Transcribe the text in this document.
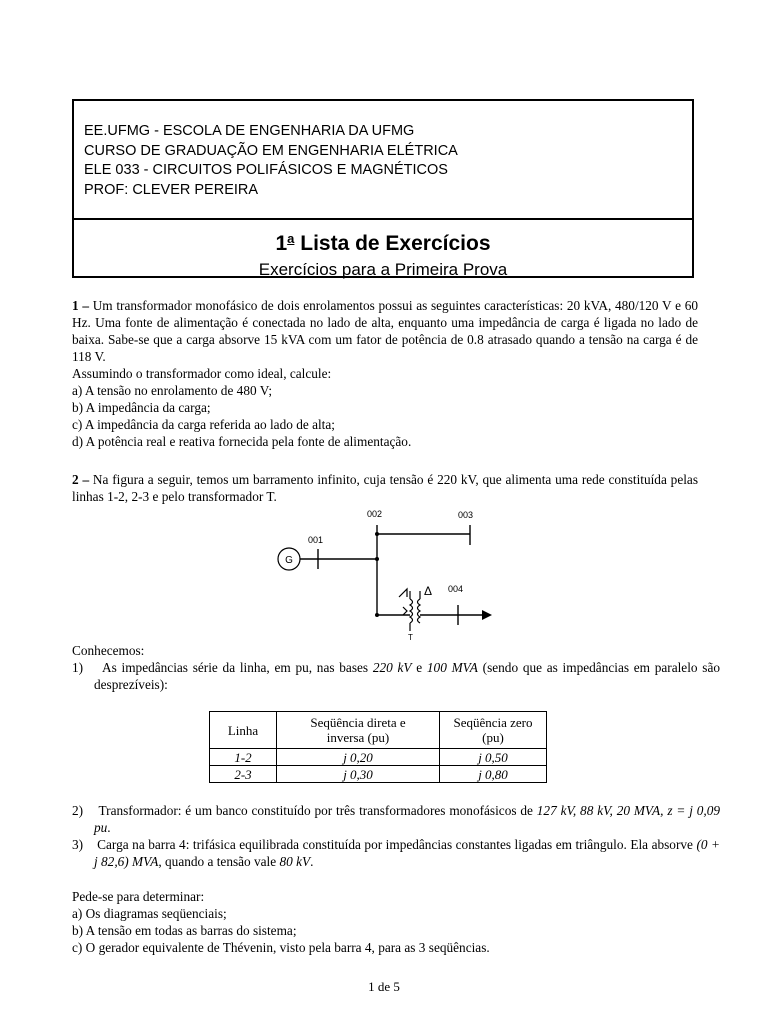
EE.UFMG - ESCOLA DE ENGENHARIA DA UFMG
CURSO DE GRADUAÇÃO EM ENGENHARIA ELÉTRICA
ELE 033 - CIRCUITOS POLIFÁSICOS E MAGNÉTICOS
PROF: CLEVER PEREIRA
1$^a$ Lista de Exercícios
Exercícios para a Primeira Prova
1 – Um transformador monofásico de dois enrolamentos possui as seguintes características: 20 kVA, 480/120 V e 60 Hz. Uma fonte de alimentação é conectada no lado de alta, enquanto uma impedância de carga é ligada no lado de baixa. Sabe-se que a carga absorve 15 kVA com um fator de potência de 0.8 atrasado quando a tensão na carga é de 118 V.
Assumindo o transformador como ideal, calcule:
a) A tensão no enrolamento de 480 V;
b) A impedância da carga;
c) A impedância da carga referida ao lado de alta;
d) A potência real e reativa fornecida pela fonte de alimentação.
2 – Na figura a seguir, temos um barramento infinito, cuja tensão é 220 kV, que alimenta uma rede constituída pelas linhas 1-2, 2-3 e pelo transformador T.
G
001
002	003
Δ
T
004
Conhecemos:
1) As impedâncias série da linha, em pu, nas bases 220 kV e 100 MVA (sendo que as impedâncias em paralelo são desprezíveis):
Linha	Seqüência direta e
inversa (pu)	Seqüência zero
(pu)
1-2	j 0,20	j 0,50
2-3	j 0,30	j 0,80
2) Transformador: é um banco constituído por três transformadores monofásicos de 127 kV, 88 kV, 20 MVA, z = j 0,09 pu.
3) Carga na barra 4: trifásica equilibrada constituída por impedâncias constantes ligadas em triângulo. Ela absorve (0 + j 82,6) MVA, quando a tensão vale 80 kV.
Pede-se para determinar:
a) Os diagramas seqüenciais;
b) A tensão em todas as barras do sistema;
c) O gerador equivalente de Thévenin, visto pela barra 4, para as 3 seqüências.
1 de 5
